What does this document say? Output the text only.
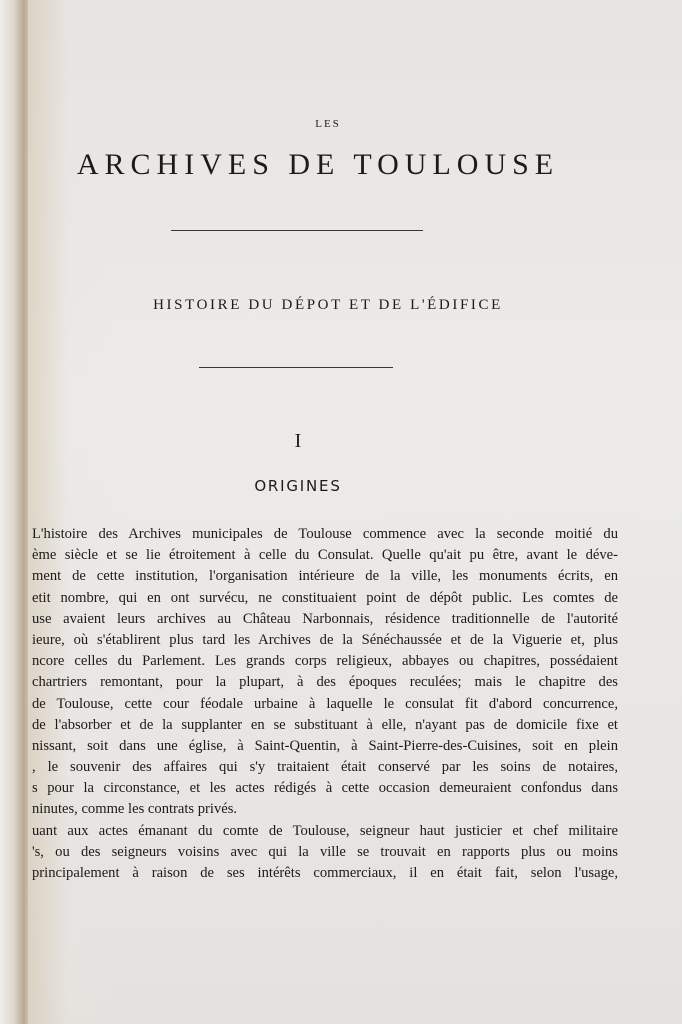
LES
ARCHIVES DE TOULOUSE
HISTOIRE DU DÉPOT ET DE L'ÉDIFICE
I
ORIGINES
L'histoire des Archives municipales de Toulouse commence avec la seconde moitié du
ème siècle et se lie étroitement à celle du Consulat. Quelle qu'ait pu être, avant le déve-
ment de cette institution, l'organisation intérieure de la ville, les monuments écrits, en
etit nombre, qui en ont survécu, ne constituaient point de dépôt public. Les comtes de
use avaient leurs archives au Château Narbonnais, résidence traditionnelle de l'autorité
ieure, où s'établirent plus tard les Archives de la Sénéchaussée et de la Viguerie et, plus
ncore celles du Parlement. Les grands corps religieux, abbayes ou chapitres, possédaient
chartriers remontant, pour la plupart, à des époques reculées; mais le chapitre des
de Toulouse, cette cour féodale urbaine à laquelle le consulat fit d'abord concurrence,
de l'absorber et de la supplanter en se substituant à elle, n'ayant pas de domicile fixe et
nissant, soit dans une église, à Saint-Quentin, à Saint-Pierre-des-Cuisines, soit en plein
, le souvenir des affaires qui s'y traitaient était conservé par les soins de notaires,
s pour la circonstance, et les actes rédigés à cette occasion demeuraient confondus dans
ninutes, comme les contrats privés.
uant aux actes émanant du comte de Toulouse, seigneur haut justicier et chef militaire
's, ou des seigneurs voisins avec qui la ville se trouvait en rapports plus ou moins
principalement à raison de ses intérêts commerciaux, il en était fait, selon l'usage,
